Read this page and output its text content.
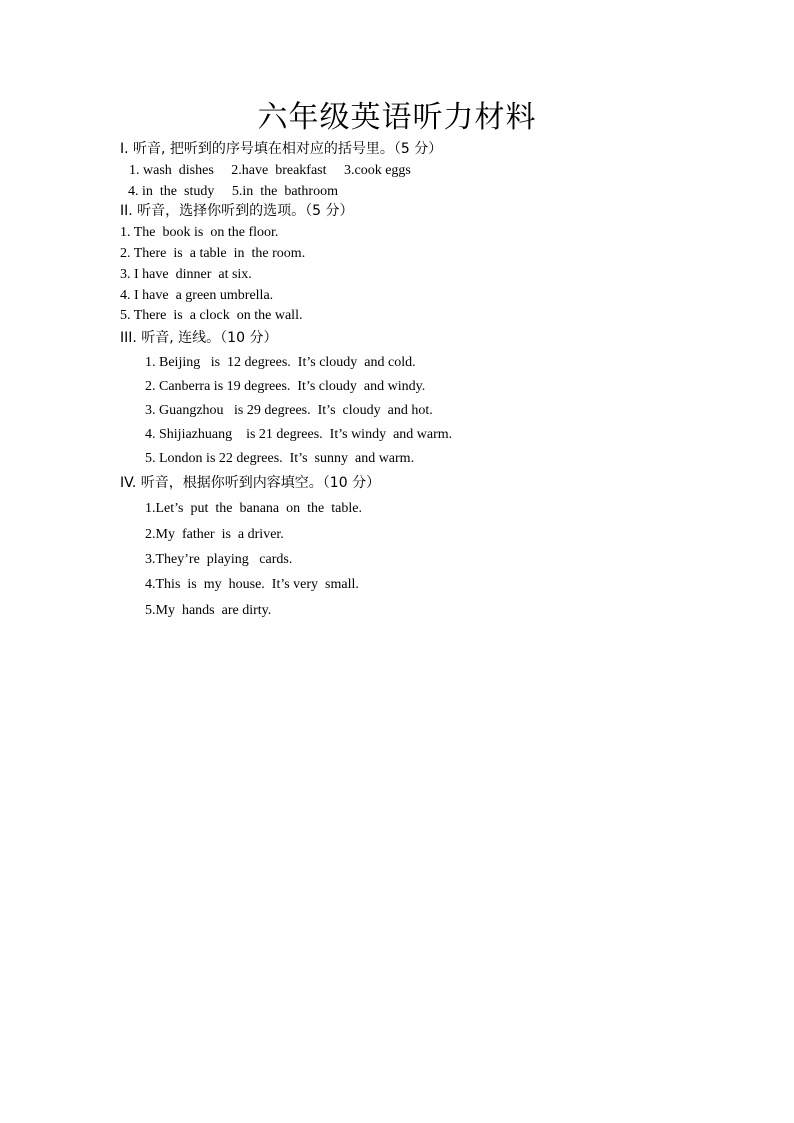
六年级英语听力材料
I. 听音, 把听到的序号填在相对应的括号里。（5 分）
1. wash  dishes     2.have  breakfast     3.cook eggs
4. in  the  study     5.in  the  bathroom
II. 听音，选择你听到的选项。（5 分）
1. The  book is  on the floor.
2. There  is  a table  in  the room.
3. I have  dinner  at six.
4. I have  a green umbrella.
5. There  is  a clock  on the wall.
III. 听音, 连线。（10 分）
1. Beijing   is  12 degrees.  It’s cloudy  and cold.
2. Canberra is 19 degrees.  It’s cloudy  and windy.
3. Guangzhou   is 29 degrees.  It’s  cloudy  and hot.
4. Shijiazhuang    is 21 degrees.  It’s windy  and warm.
5. London is 22 degrees.  It’s  sunny  and warm.
IV. 听音，根据你听到内容填空。（10 分）
1.Let’s  put  the  banana  on  the  table.
2.My  father  is  a driver.
3.They’re  playing   cards.
4.This  is  my  house.  It’s very  small.
5.My  hands  are dirty.
